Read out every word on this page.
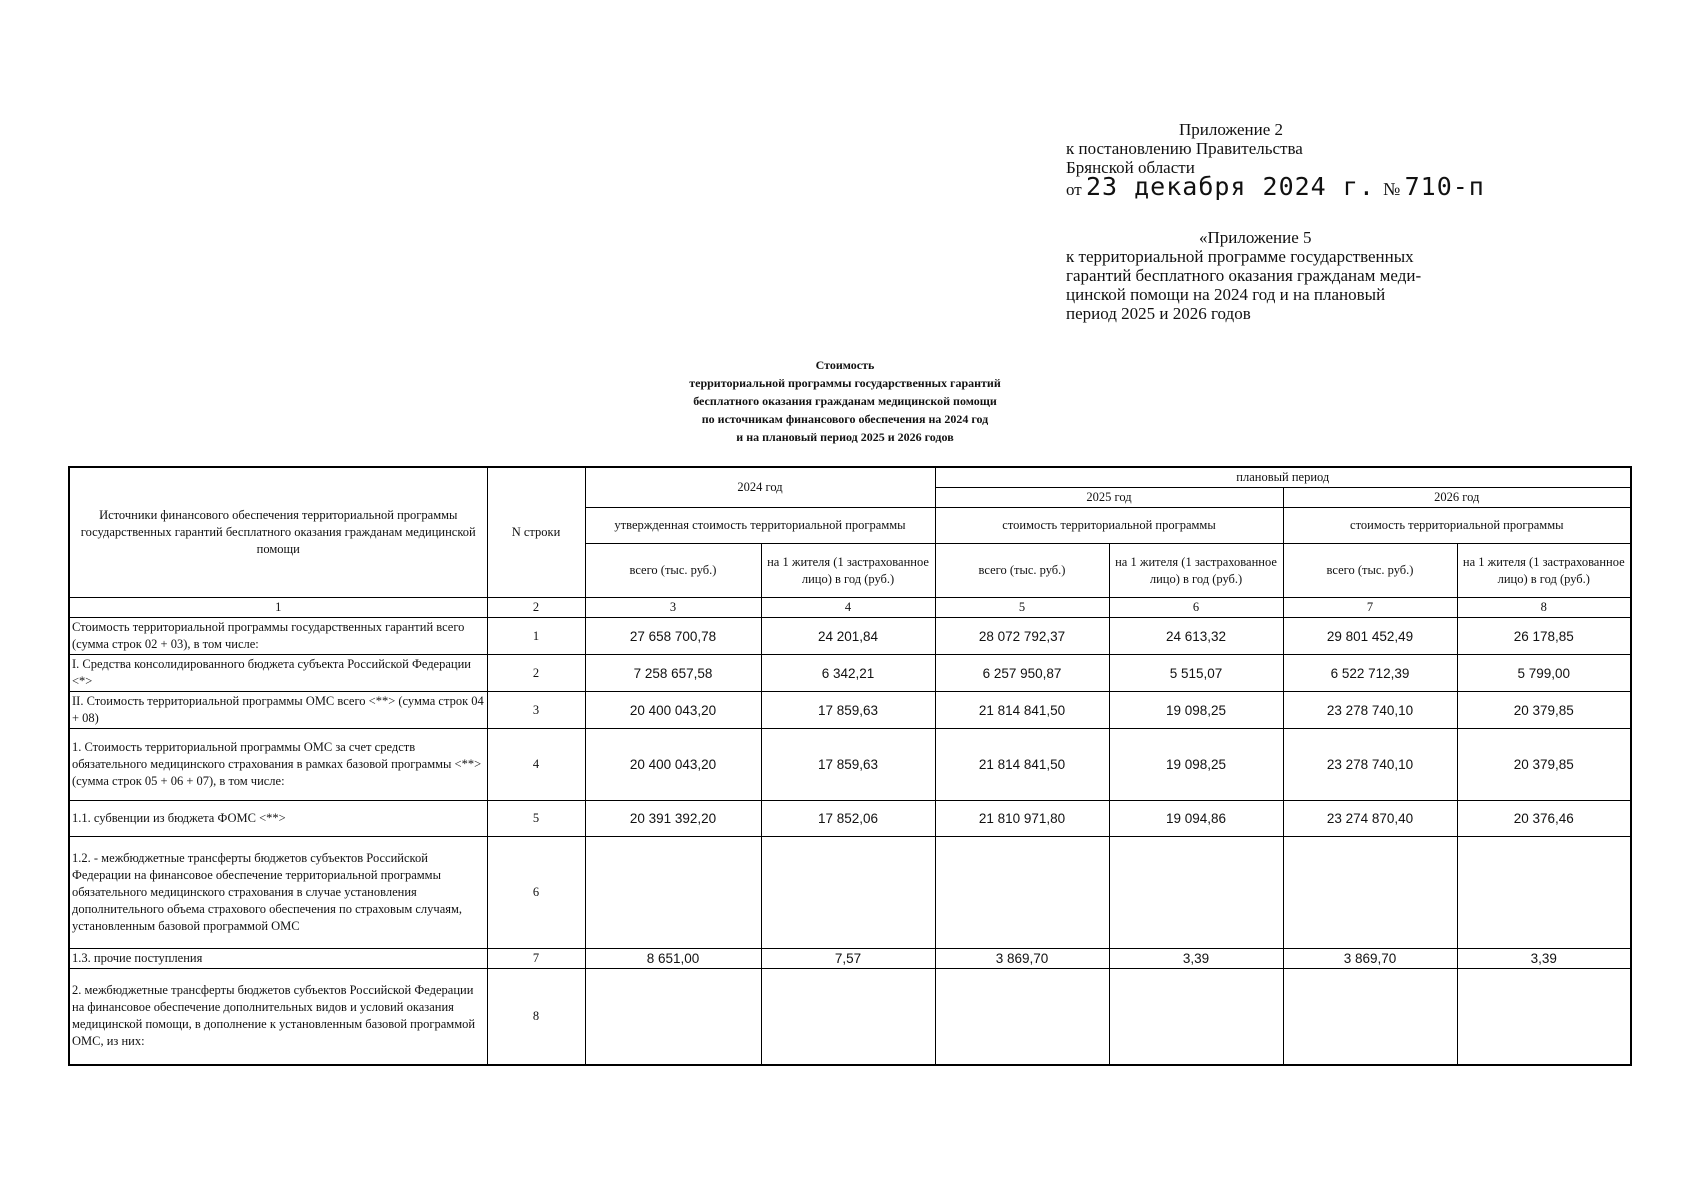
Приложение 2
к постановлению Правительства
Брянской области
от 23 декабря 2024 г. № 710-п
«Приложение 5
к территориальной программе государственных
гарантий бесплатного оказания гражданам меди-
цинской помощи на 2024 год и на плановый
период 2025 и 2026 годов
Стоимость
территориальной программы государственных гарантий
бесплатного оказания гражданам медицинской помощи
по источникам финансового обеспечения на 2024 год
и на плановый период 2025 и 2026 годов
Источники финансового обеспечения территориальной программы государственных гарантий бесплатного оказания гражданам медицинской помощи	N строки	2024 год		плановый период			
				2025 год		2026 год	
		утвержденная стоимость территориальной программы		стоимость территориальной программы		стоимость территориальной программы	
		всего (тыс. руб.)	на 1 жителя (1 застрахованное лицо) в год (руб.)	всего (тыс. руб.)	на 1 жителя (1 застрахованное лицо) в год (руб.)	всего (тыс. руб.)	на 1 жителя (1 застрахованное лицо) в год (руб.)
1	2	3	4	5	6	7	8
Стоимость территориальной программы государственных гарантий всего (сумма строк 02 + 03), в том числе:	1	27 658 700,78	24 201,84	28 072 792,37	24 613,32	29 801 452,49	26 178,85
I. Средства консолидированного бюджета субъекта Российской Федерации <*>	2	7 258 657,58	6 342,21	6 257 950,87	5 515,07	6 522 712,39	5 799,00
II. Стоимость территориальной программы ОМС всего <**> (сумма строк 04 + 08)	3	20 400 043,20	17 859,63	21 814 841,50	19 098,25	23 278 740,10	20 379,85
1. Стоимость территориальной программы ОМС за счет средств обязательного медицинского страхования в рамках базовой программы <**> (сумма строк 05 + 06 + 07), в том числе:	4	20 400 043,20	17 859,63	21 814 841,50	19 098,25	23 278 740,10	20 379,85
1.1. субвенции из бюджета ФОМС <**>	5	20 391 392,20	17 852,06	21 810 971,80	19 094,86	23 274 870,40	20 376,46
1.2. - межбюджетные трансферты бюджетов субъектов Российской Федерации на финансовое обеспечение территориальной программы обязательного медицинского страхования в случае установления дополнительного объема страхового обеспечения по страховым случаям, установленным базовой программой ОМС	6						
1.3. прочие поступления	7	8 651,00	7,57	3 869,70	3,39	3 869,70	3,39
2. межбюджетные трансферты бюджетов субъектов Российской Федерации на финансовое обеспечение дополнительных видов и условий оказания медицинской помощи, в дополнение к установленным базовой программой ОМС, из них:	8						
